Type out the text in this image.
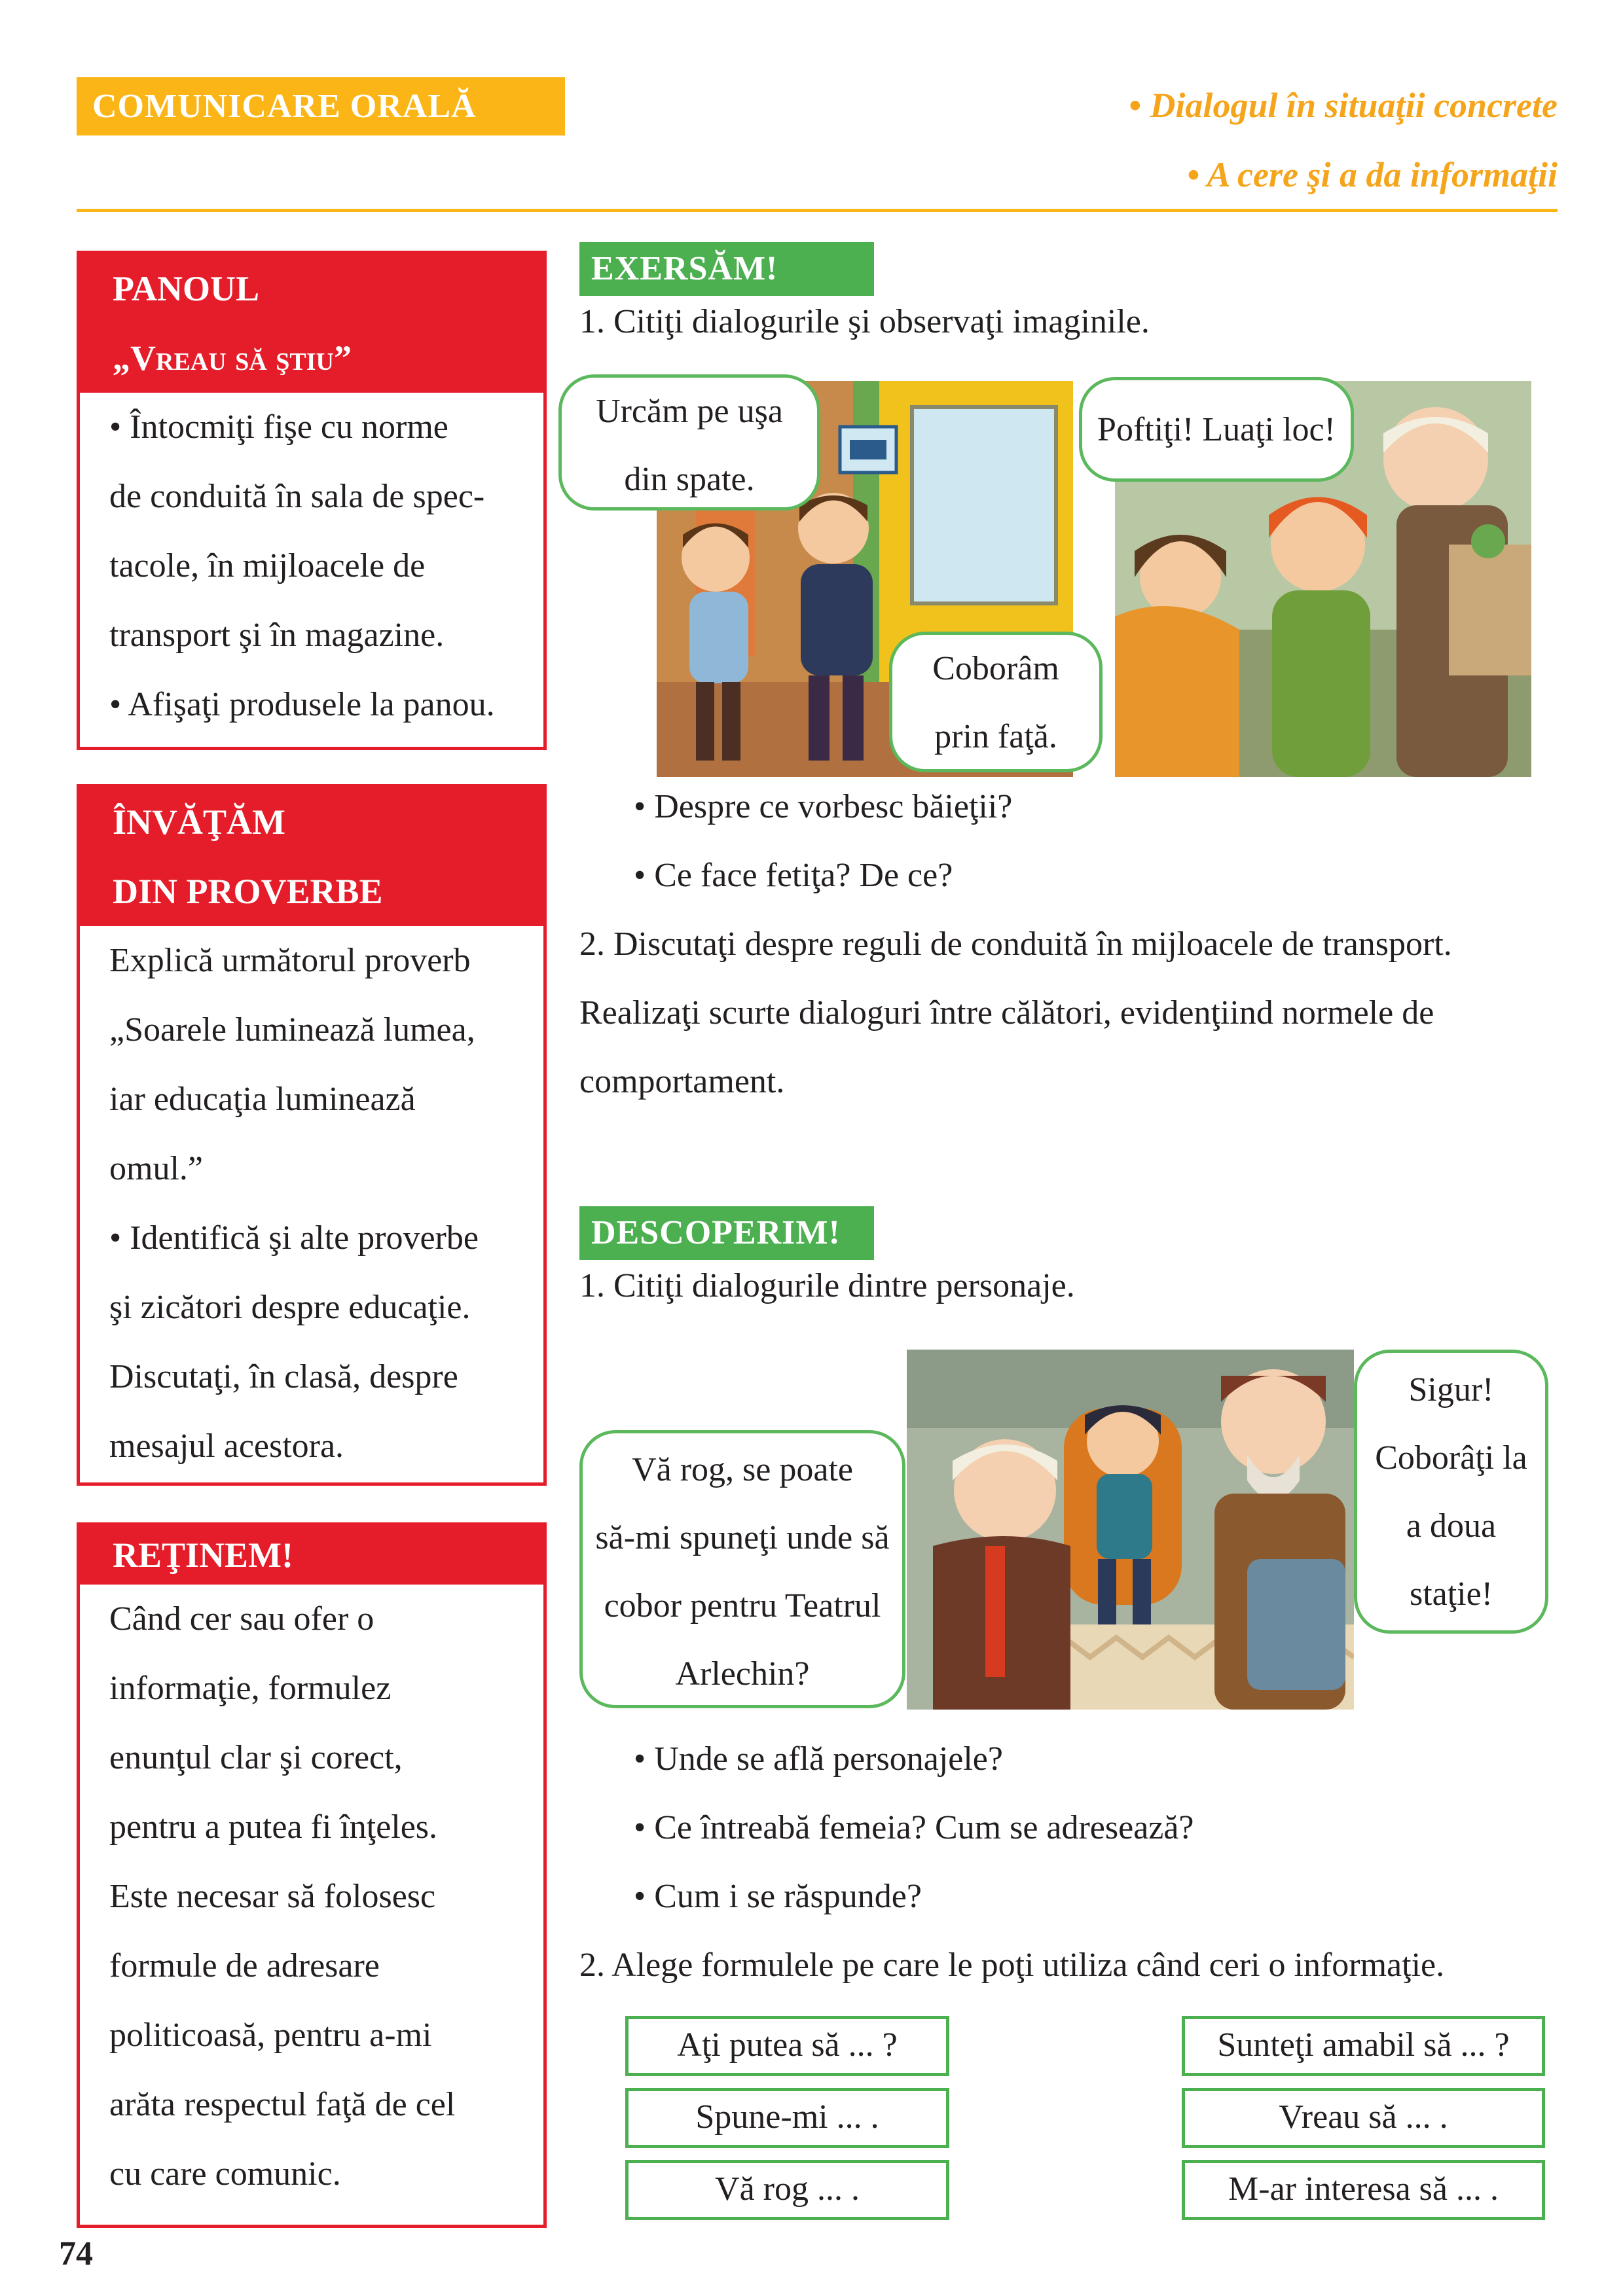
COMUNICARE ORALĂ	• Dialogul în situaţii concrete
• A cere şi a da informaţii
PANOUL
„Vreau să ştiu”
• Întocmiţi fişe cu norme
de conduită în sala de spec-
tacole, în mijloacele de
transport şi în magazine.
• Afişaţi produsele la panou.
ÎNVĂŢĂM
DIN PROVERBE
Explică următorul proverb
„Soarele luminează lumea,
iar educaţia luminează
omul.”
• Identifică şi alte proverbe
şi zicători despre educaţie.
Discutaţi, în clasă, despre
mesajul acestora.
REŢINEM!
Când cer sau ofer o
informaţie, formulez
enunţul clar şi corect,
pentru a putea fi înţeles.
Este necesar să folosesc
formule de adresare
politicoasă, pentru a-mi
arăta respectul faţă de cel
cu care comunic.
EXERSĂM!
1. Citiţi dialogurile şi observaţi imaginile.
Urcăm pe uşa
din spate.
Coborâm
prin faţă.
Poftiţi! Luaţi loc!
• Despre ce vorbesc băieţii?
• Ce face fetiţa? De ce?
2. Discutaţi despre reguli de conduită în mijloacele de transport.
Realizaţi scurte dialoguri între călători, evidenţiind normele de
comportament.
DESCOPERIM!
1. Citiţi dialogurile dintre personaje.
Vă rog, se poate
să-mi spuneţi unde să
cobor pentru Teatrul
Arlechin?
Sigur!
Coborâţi la
a doua
staţie!
• Unde se află personajele?
• Ce întreabă femeia? Cum se adresează?
• Cum i se răspunde?
2. Alege formulele pe care le poţi utiliza când ceri o informaţie.
Aţi putea să ... ?	Sunteţi amabil să ... ?
Spune-mi ... .	Vreau să ... .
Vă rog ... .	M-ar interesa să ... .
74
